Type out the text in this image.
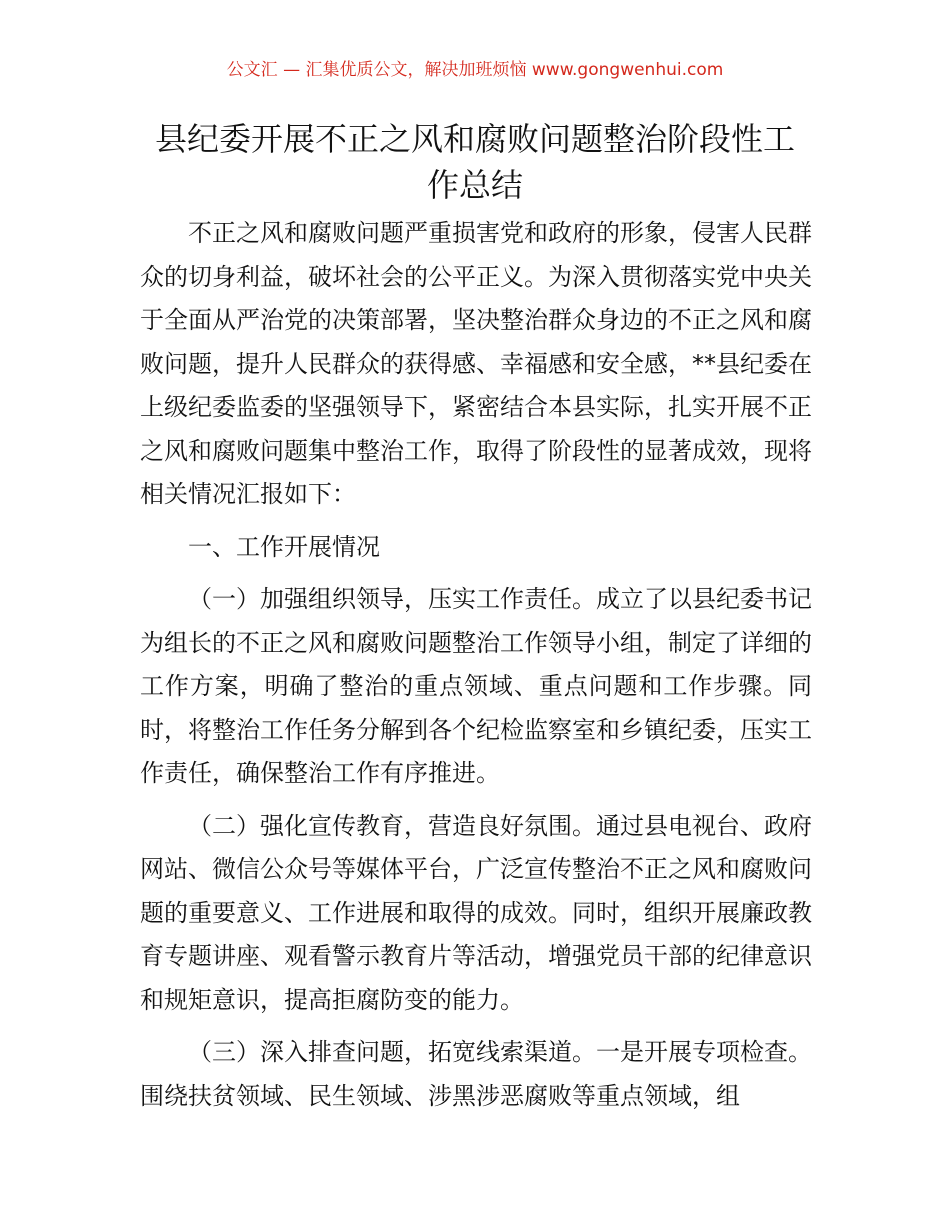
公文汇 — 汇集优质公文，解决加班烦恼 www.gongwenhui.com
县纪委开展不正之风和腐败问题整治阶段性工
作总结

不正之风和腐败问题严重损害党和政府的形象，侵害人民群众的切身利益，破坏社会的公平正义。为深入贯彻落实党中央关于全面从严治党的决策部署，坚决整治群众身边的不正之风和腐败问题，提升人民群众的获得感、幸福感和安全感，**县纪委在上级纪委监委的坚强领导下，紧密结合本县实际，扎实开展不正之风和腐败问题集中整治工作，取得了阶段性的显著成效，现将相关情况汇报如下：

一、工作开展情况

（一）加强组织领导，压实工作责任。成立了以县纪委书记为组长的不正之风和腐败问题整治工作领导小组，制定了详细的工作方案，明确了整治的重点领域、重点问题和工作步骤。同时，将整治工作任务分解到各个纪检监察室和乡镇纪委，压实工作责任，确保整治工作有序推进。

（二）强化宣传教育，营造良好氛围。通过县电视台、政府网站、微信公众号等媒体平台，广泛宣传整治不正之风和腐败问题的重要意义、工作进展和取得的成效。同时，组织开展廉政教育专题讲座、观看警示教育片等活动，增强党员干部的纪律意识和规矩意识，提高拒腐防变的能力。

（三）深入排查问题，拓宽线索渠道。一是开展专项检查。围绕扶贫领域、民生领域、涉黑涉恶腐败等重点领域，组
